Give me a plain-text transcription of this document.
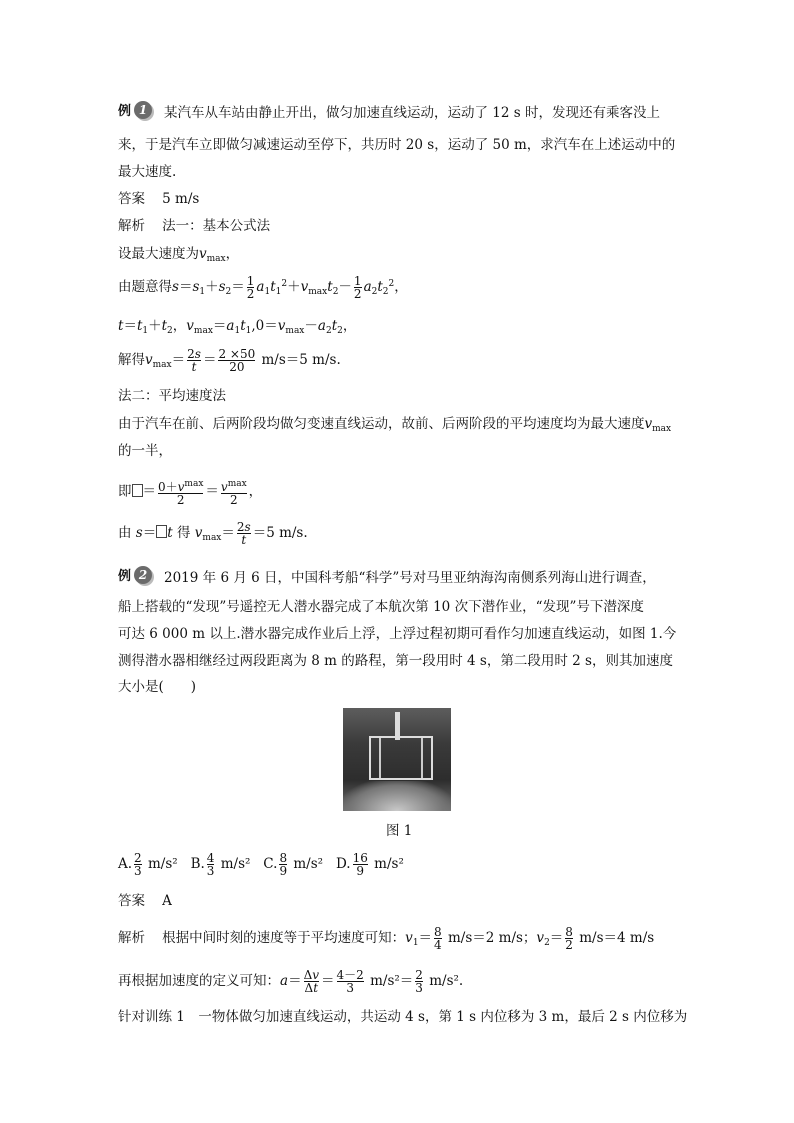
例 1	某汽车从车站由静止开出，做匀加速直线运动，运动了 12 s 时，发现还有乘客没上
来，于是汽车立即做匀减速运动至停下，共历时 20 s，运动了 50 m，求汽车在上述运动中的
最大速度.
答案 5 m/s
解析 法一：基本公式法
设最大速度为$v_{max}$，
由题意得$s=s_1+s_2= \frac{1}{2} a_1t_1^2+v_{max}t_2- \frac{1}{2} a_2t_2^2$，
$t=t_1+t_2$，$v_{max}=a_1t_1,0=v_{max}-a_2t_2$，
解得$v_{max}= \frac{2s}{t} = \frac{2 \times 50}{20} m/s=5$ m/s.
法二：平均速度法
由于汽车在前、后两阶段均做匀变速直线运动，故前、后两阶段的平均速度均为最大速度$v_{max}$
的一半，
即 ＝ $\frac{0+v^{max}}{2} = \frac{v^{max}}{2}$ ，
由 s＝ t 得 $v_{max}= \frac{2s}{t} =5$ m/s.
例 2	2019 年 6 月 6 日，中国科考船“科学”号对马里亚纳海沟南侧系列海山进行调查，
船上搭载的“发现”号遥控无人潜水器完成了本航次第 10 次下潜作业，“发现”号下潜深度
可达 6 000 m 以上.潜水器完成作业后上浮，上浮过程初期可看作匀加速直线运动，如图 1.今
测得潜水器相继经过两段距离为 8 m 的路程，第一段用时 4 s，第二段用时 2 s，则其加速度
大小是(　　)
图 1
A. $\frac{2}{3} m/s^2$ B. $\frac{4}{3} m/s^2$ C. $\frac{8}{9} m/s^2$ D. $\frac{16}{9} m/s^2$
答案 A
解析 根据中间时刻的速度等于平均速度可知：$v_1= \frac{8}{4} m/s=2$ m/s；$v_2= \frac{8}{2} m/s=4$ m/s
再根据加速度的定义可知：$a= \frac{\Delta v}{\Delta t} = \frac{4-2}{3} m/s^2= \frac{2}{3} m/s^2$.
针对训练 1　一物体做匀加速直线运动，共运动 4 s，第 1 s 内位移为 3 m，最后 2 s 内位移为
